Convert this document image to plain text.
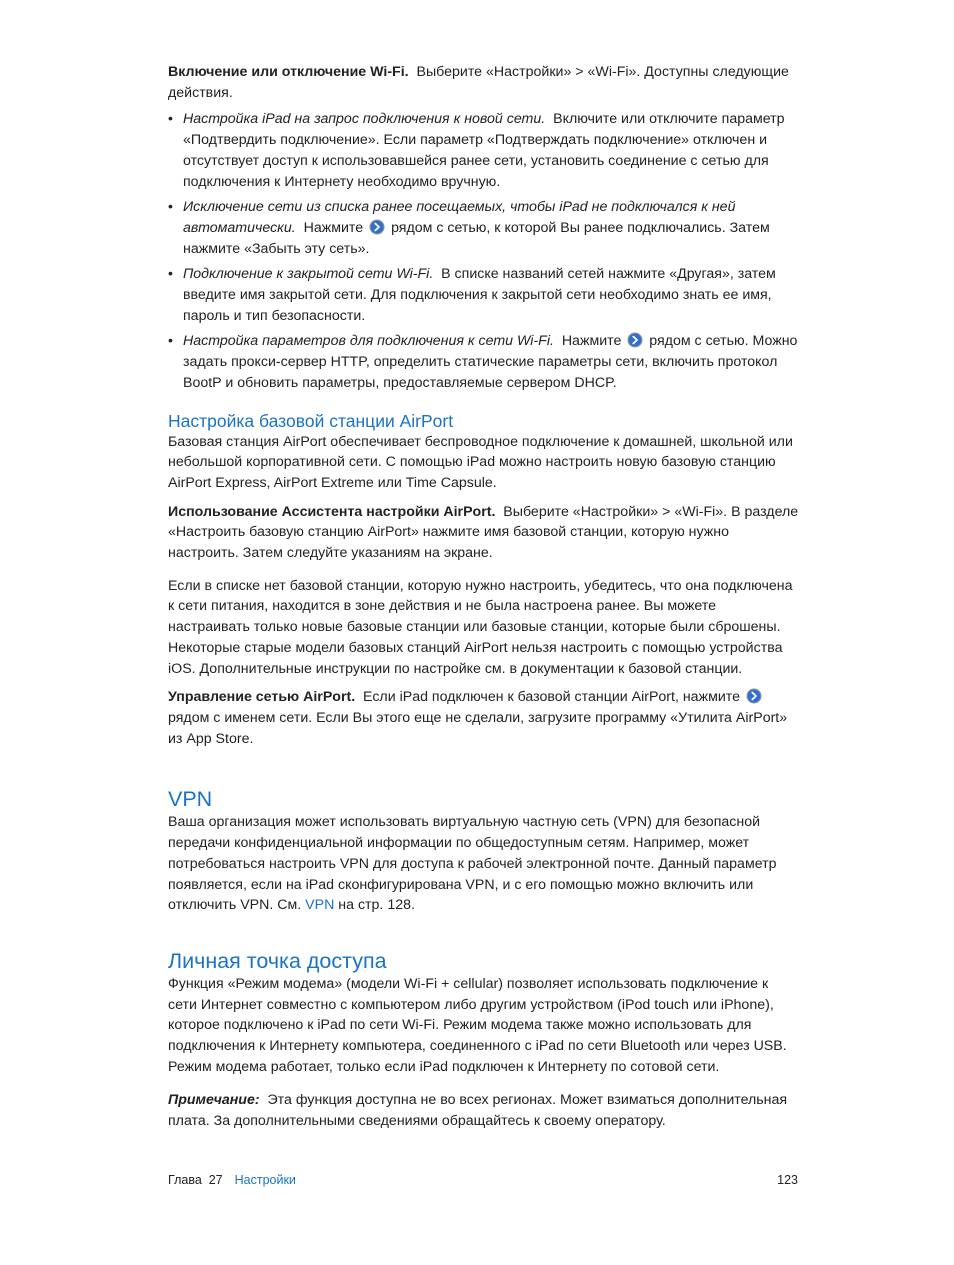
Включение или отключение Wi‑Fi. Выберите «Настройки» > «Wi‑Fi». Доступны следующие действия.

• Настройка iPad на запрос подключения к новой сети. Включите или отключите параметр «Подтвердить подключение». Если параметр «Подтверждать подключение» отключен и отсутствует доступ к использовавшейся ранее сети, установить соединение с сетью для подключения к Интернету необходимо вручную.
• Исключение сети из списка ранее посещаемых, чтобы iPad не подключался к ней автоматически. Нажмите рядом с сетью, к которой Вы ранее подключались. Затем нажмите «Забыть эту сеть».
• Подключение к закрытой сети Wi‑Fi. В списке названий сетей нажмите «Другая», затем введите имя закрытой сети. Для подключения к закрытой сети необходимо знать ее имя, пароль и тип безопасности.
• Настройка параметров для подключения к сети Wi‑Fi. Нажмите рядом с сетью. Можно задать прокси‑сервер HTTP, определить статические параметры сети, включить протокол BootP и обновить параметры, предоставляемые сервером DHCP.
Настройка базовой станции AirPort

Базовая станция AirPort обеспечивает беспроводное подключение к домашней, школьной или небольшой корпоративной сети. С помощью iPad можно настроить новую базовую станцию AirPort Express, AirPort Extreme или Time Capsule.

Использование Ассистента настройки AirPort. Выберите «Настройки» > «Wi‑Fi». В разделе «Настроить базовую станцию AirPort» нажмите имя базовой станции, которую нужно настроить. Затем следуйте указаниям на экране.

Если в списке нет базовой станции, которую нужно настроить, убедитесь, что она подключена к сети питания, находится в зоне действия и не была настроена ранее. Вы можете настраивать только новые базовые станции или базовые станции, которые были сброшены. Некоторые старые модели базовых станций AirPort нельзя настроить с помощью устройства iOS. Дополнительные инструкции по настройке см. в документации к базовой станции.

Управление сетью AirPort. Если iPad подключен к базовой станции AirPort, нажмите  рядом с именем сети. Если Вы этого еще не сделали, загрузите программу «Утилита AirPort» из App Store.

VPN

Ваша организация может использовать виртуальную частную сеть (VPN) для безопасной передачи конфиденциальной информации по общедоступным сетям. Например, может потребоваться настроить VPN для доступа к рабочей электронной почте. Данный параметр появляется, если на iPad сконфигурирована VPN, и с его помощью можно включить или отключить VPN. См. VPN на стр. 128.

Личная точка доступа

Функция «Режим модема» (модели Wi‑Fi + cellular) позволяет использовать подключение к сети Интернет совместно с компьютером либо другим устройством (iPod touch или iPhone), которое подключено к iPad по сети Wi‑Fi. Режим модема также можно использовать для подключения к Интернету компьютера, соединенного с iPad по сети Bluetooth или через USB. Режим модема работает, только если iPad подключен к Интернету по сотовой сети.

Примечание: Эта функция доступна не во всех регионах. Может взиматься дополнительная плата. За дополнительными сведениями обращайтесь к своему оператору.

Глава  27 Настройки	123
